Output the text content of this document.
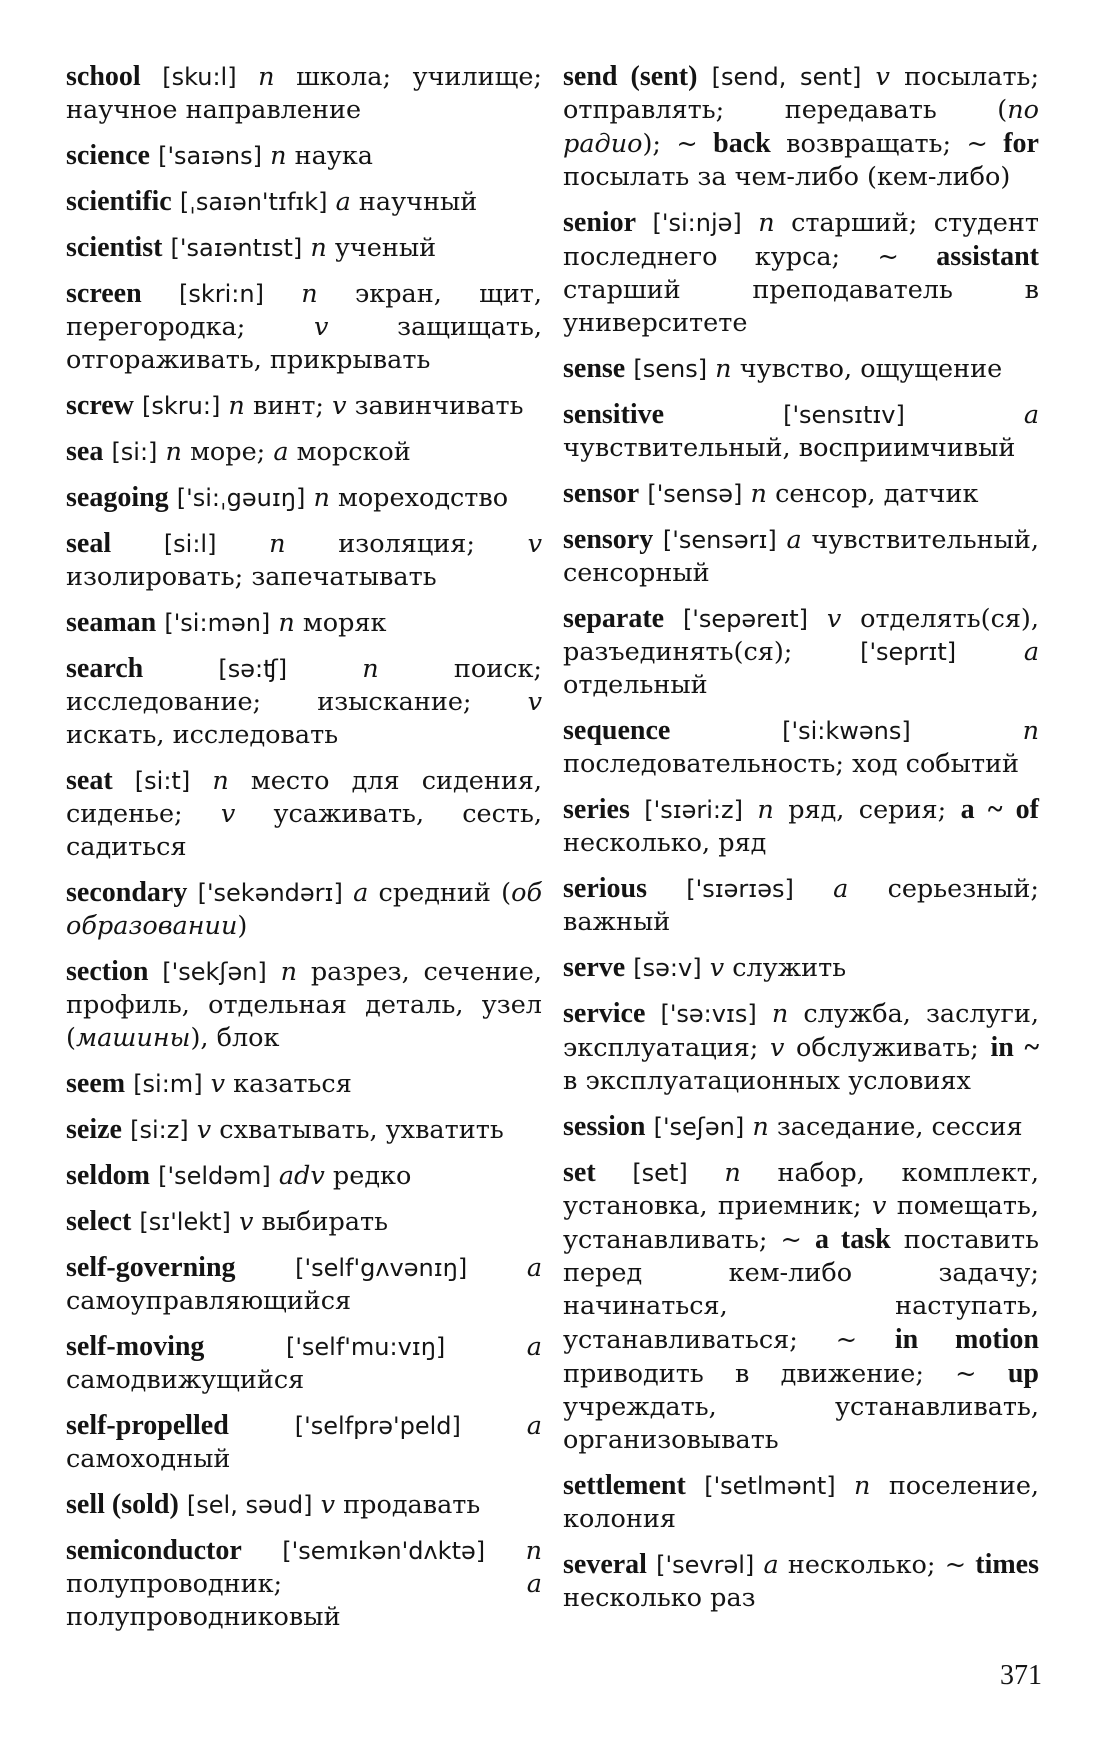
school [sku:l] n школа; училище; научное направление

science ['saɪəns] n наука

scientific [ˌsaɪən'tɪfɪk] a научный

scientist ['saɪəntɪst] n ученый

screen [skri:n] n экран, щит, перегородка; v защищать, отгораживать, прикрывать

screw [skru:] n винт; v завинчивать

sea [si:] n море; a морской

seagoing ['si:ˌgəuɪŋ] n мореходство

seal [si:l] n изоляция; v изолировать; запечатывать

seaman ['si:mən] n моряк

search	[sə:ʧ]	n поиск; исследование; изыскание; v искать, исследовать

seat [si:t] n место для сидения, сиденье; v усаживать, сесть, садиться

secondary ['sekəndərɪ] a средний (об образовании)

section ['sekʃən] n разрез, сечение, профиль, отдельная деталь, узел (машины), блок

seem [si:m] v казаться

seize [si:z] v схватывать, ухватить

seldom ['seldəm] adv редко

select [sɪ'lekt] v выбирать

self-governing ['self'gʌvənɪŋ] a самоуправляющийся

self-moving	['self'mu:vɪŋ]	a самодвижущийся

self-propelled	['selfprə'peld]	a самоходный

sell (sold) [sel, səud] v продавать

semiconductor ['semɪkən'dʌktə] n полупроводник; a полупроводниковый

send (sent) [send, sent] v посылать; отправлять; передавать (по радио); ~ back возвращать; ~ for посылать за чем-либо (кем-либо)

senior ['si:njə] n старший; студент последнего курса; ~ assistant старший преподаватель в университете

sense [sens] n чувство, ощущение

sensitive	['sensɪtɪv]	a чувствительный, восприимчивый

sensor ['sensə] n сенсор, датчик

sensory ['sensərɪ] a чувствительный, сенсорный

separate ['sepəreɪt] v отделять(ся), разъединять(ся); ['seprɪt]	a отдельный

sequence	['si:kwəns]	n последовательность; ход событий

series ['sɪəri:z] n ряд, серия; a ~ of несколько, ряд

serious ['sɪərɪəs] a серьезный; важный

serve [sə:v] v служить

service ['sə:vɪs] n служба, заслуги, эксплуатация; v обслуживать; in ~ в эксплуатационных условиях

session ['seʃən] n заседание, сессия

set [set] n набор, комплект, установка, приемник; v помещать, устанавливать; ~ a task поставить перед кем-либо задачу; начинаться, наступать, устанавливаться; ~ in motion приводить в движение; ~ up учреждать, устанавливать, организовывать

settlement ['setlmənt] n поселение, колония

several ['sevrəl] a несколько; ~ times несколько раз

371
